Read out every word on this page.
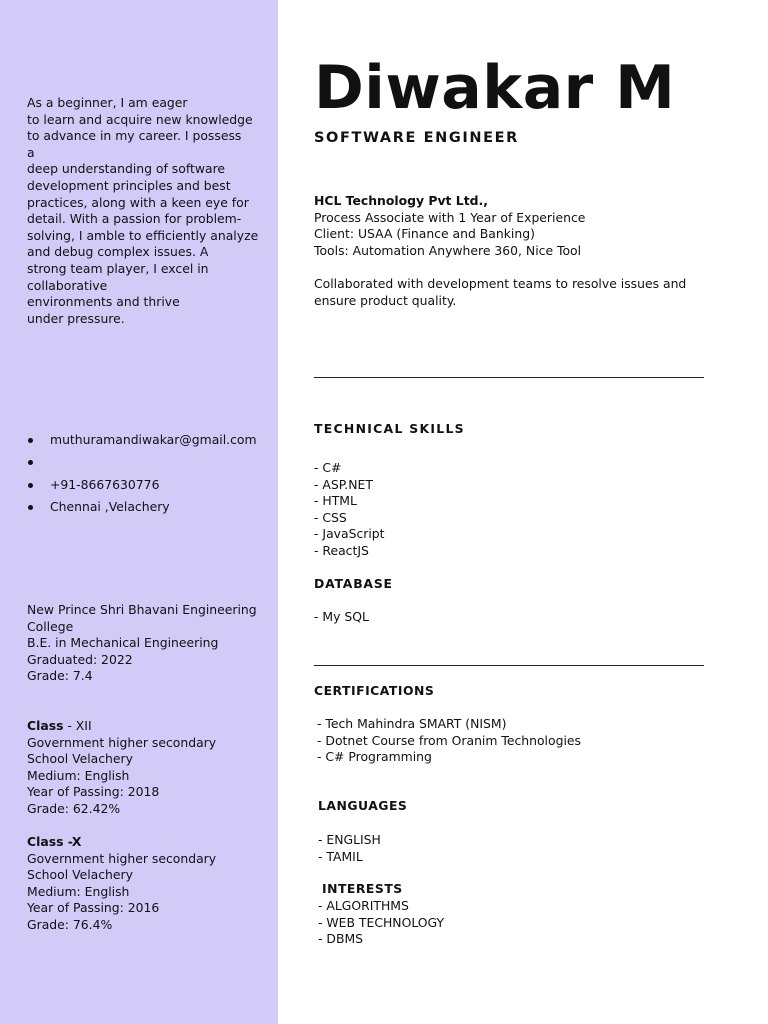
As a beginner, I am eager
to learn and acquire new knowledge
to advance in my career. I possess
a
deep understanding of software
development principles and best
practices, along with a keen eye for
detail. With a passion for problem-
solving, I amble to efficiently analyze
and debug complex issues. A
strong team player, I excel in
collaborative
environments and thrive
under pressure.
muthuramandiwakar@gmail.com
+91-8667630776
Chennai ,Velachery
New Prince Shri Bhavani Engineering
College
B.E. in Mechanical Engineering
Graduated: 2022
Grade: 7.4
Class - XII
Government higher secondary
School Velachery
Medium: English
Year of Passing: 2018
Grade: 62.42%
Class -X
Government higher secondary
School Velachery
Medium: English
Year of Passing: 2016
Grade: 76.4%
Diwakar M
SOFTWARE ENGINEER
HCL Technology Pvt Ltd.,
Process Associate with 1 Year of Experience
Client: USAA (Finance and Banking)
Tools: Automation Anywhere 360, Nice Tool
Collaborated with development teams to resolve issues and
ensure product quality.
TECHNICAL SKILLS
- C#
- ASP.NET
- HTML
- CSS
- JavaScript
- ReactJS
DATABASE
- My SQL
CERTIFICATIONS
- Tech Mahindra SMART (NISM)
- Dotnet Course from Oranim Technologies
- C# Programming
LANGUAGES
- ENGLISH
- TAMIL
INTERESTS
- ALGORITHMS
- WEB TECHNOLOGY
- DBMS
